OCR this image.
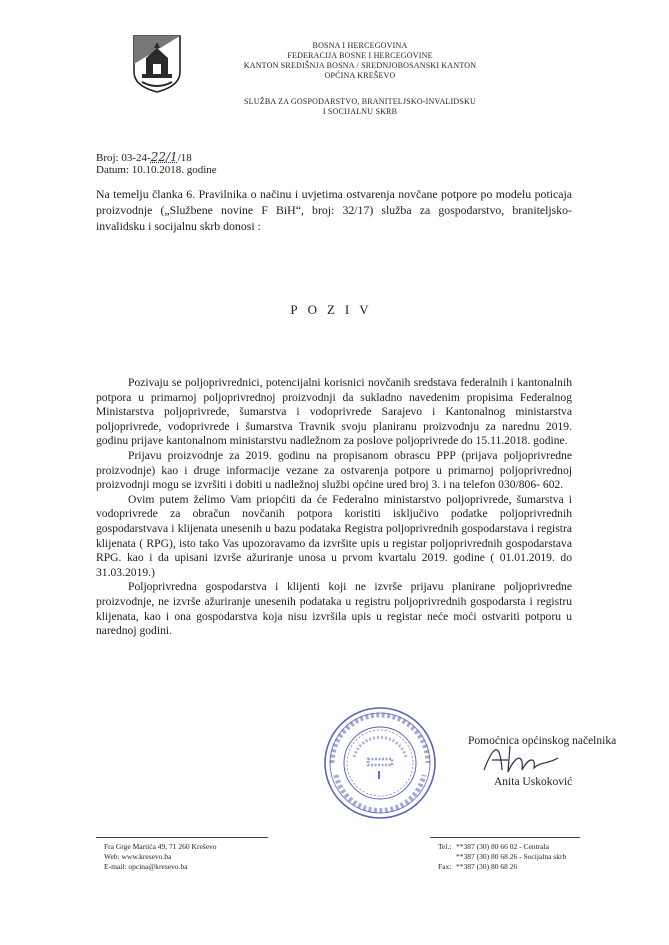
BOSNA I HERCEGOVINA
FEDERACIJA BOSNE I HERCEGOVINE
KANTON SREDIŠNJA BOSNA / SREDNJOBOSANSKI KANTON
OPĆINA KREŠEVO
SLUŽBA ZA GOSPODARSTVO, BRANITELJSKO-INVALIDSKU
I SOCIJALNU SKRB
Broj: 03-24-22/1/18
Datum: 10.10.2018. godine
Na temelju članka 6. Pravilnika o načinu i uvjetima ostvarenja novčane potpore po modelu poticaja proizvodnje („Službene novine F BiH“, broj: 32/17) služba za gospodarstvo, braniteljsko- invalidsku i socijalnu skrb donosi :
POZIV

Pozivaju se poljoprivrednici, potencijalni korisnici novčanih sredstava federalnih i kantonalnih potpora u primarnoj poljoprivrednoj proizvodnji da sukladno navedenim propisima Federalnog Ministarstva poljoprivrede, šumarstva i vodoprivrede Sarajevo i Kantonalnog ministarstva poljoprivrede, vodoprivrede i šumarstva Travnik svoju planiranu proizvodnju za narednu 2019. godinu prijave kantonalnom ministarstvu nadležnom za poslove poljoprivrede do 15.11.2018. godine.

Prijavu proizvodnje za 2019. godinu na propisanom obrascu PPP (prijava poljoprivredne proizvodnje) kao i druge informacije vezane za ostvarenja potpore u primarnoj poljoprivrednoj proizvodnji mogu se izvršiti i dobiti u nadležnoj službi općine ured broj 3. i na telefon 030/806- 602.

Ovim putem želimo Vam priopćiti da će Federalno ministarstvo poljoprivrede, šumarstva i vodoprivrede za obračun novčanih potpora koristiti isključivo podatke poljoprivrednih gospodarstvava i klijenata unesenih u bazu podataka Registra poljoprivrednih gospodarstava i registra klijenata ( RPG), isto tako Vas upozoravamo da izvršite upis u registar poljoprivrednih gospodarstava RPG. kao i da upisani izvrše ažuriranje unosa u prvom kvartalu 2019. godine ( 01.01.2019. do 31.03.2019.)

Poljoprivredna gospodarstva i klijenti koji ne izvrše prijavu planirane poljoprivredne proizvodnje, ne izvrše ažuriranje unesenih podataka u registru poljoprivrednih gospodarsta i registru klijenata, kao i ona gospodarstva koja nisu izvršila upis u registar neće moći ostvariti potporu u narednoj godini.

Pomoćnica općinskog načelnika
Anita Uskoković
Fra Grge Martića 49, 71 260 Kreševo
Web: www.kresevo.ba
E-mail: opcina@kresevo.ba
Tel.: **387 (30) 80 66 02 - Centrala
**387 (30) 80 68 26 - Socijalna skrb
Fax: **387 (30) 80 68 26
